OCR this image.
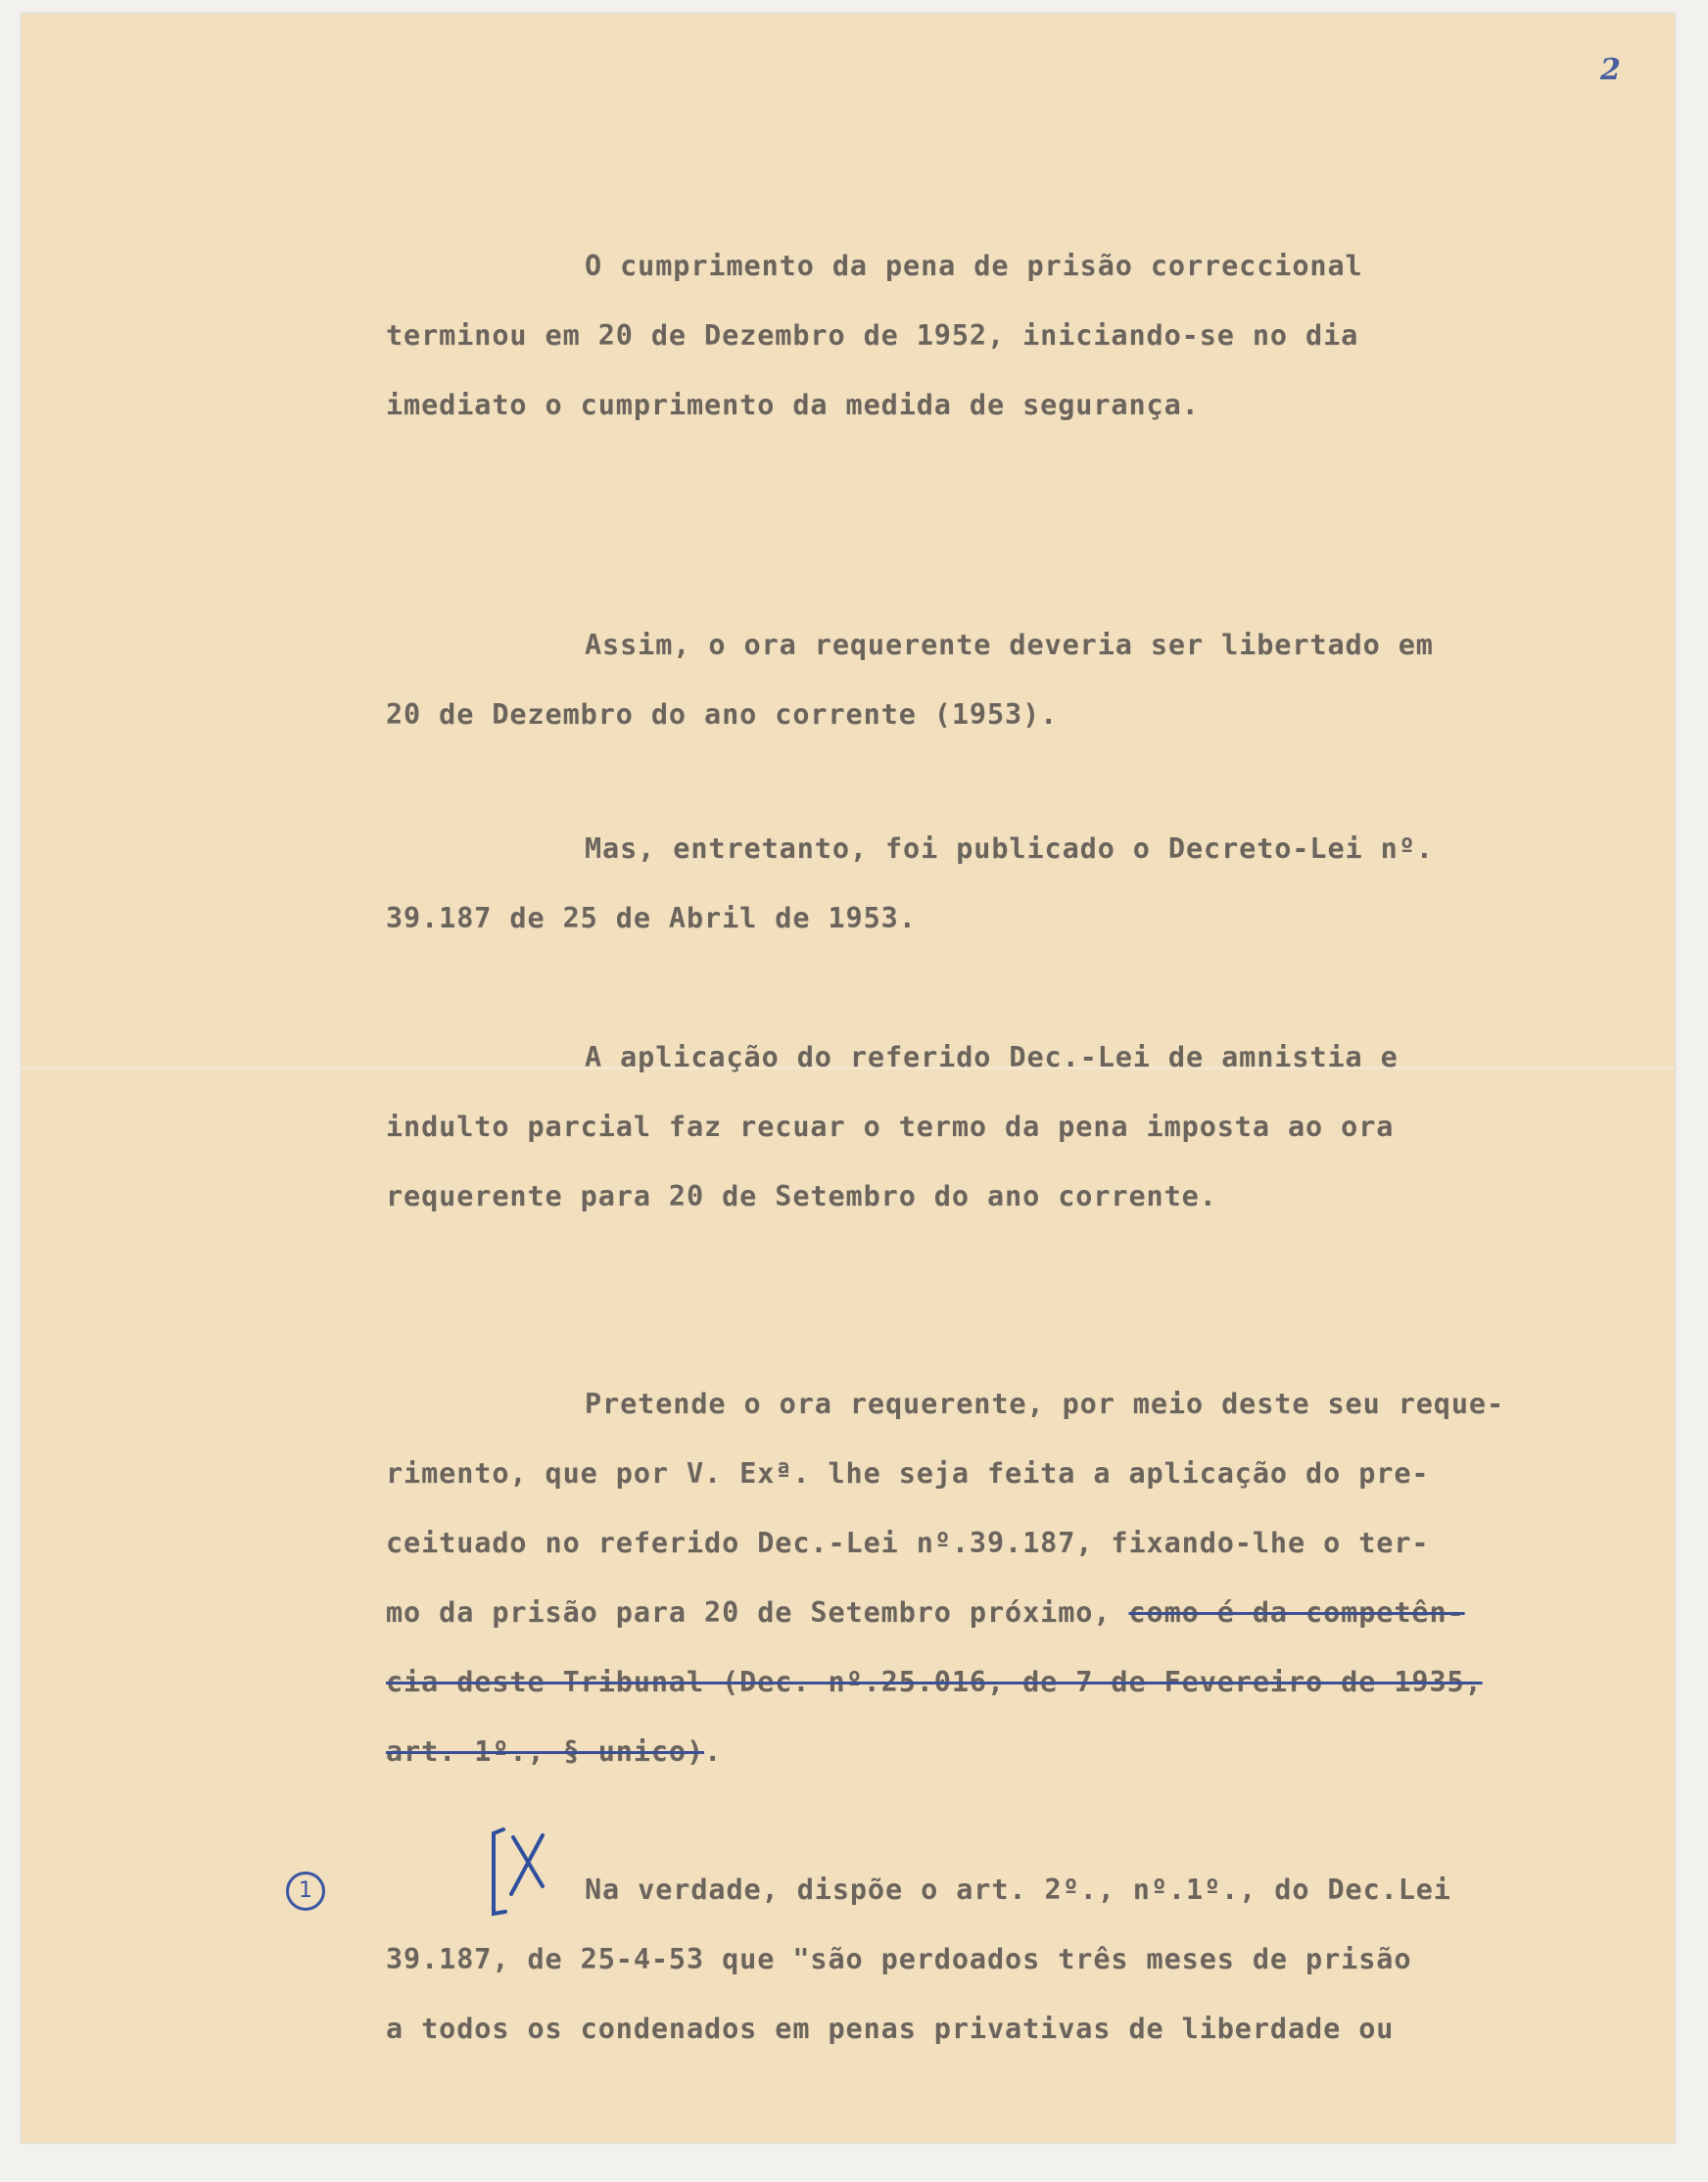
2
O cumprimento da pena de prisão correccional
terminou em 20 de Dezembro de 1952, iniciando-se no dia
imediato o cumprimento da medida de segurança.
Assim, o ora requerente deveria ser libertado em
20 de Dezembro do ano corrente (1953).
Mas, entretanto, foi publicado o Decreto-Lei nº.
39.187 de 25 de Abril de 1953.
A aplicação do referido Dec.-Lei de amnistia e
indulto parcial faz recuar o termo da pena imposta ao ora
requerente para 20 de Setembro do ano corrente.
Pretende o ora requerente, por meio deste seu reque-
rimento, que por V. Exª. lhe seja feita a aplicação do pre-
ceituado no referido Dec.-Lei nº.39.187, fixando-lhe o ter-
mo da prisão para 20 de Setembro próximo, como é da competên-
cia deste Tribunal (Dec. nº.25.016, de 7 de Fevereiro de 1935,
art. 1º., § unico).
1	Na verdade, dispõe o art. 2º., nº.1º., do Dec.Lei
39.187, de 25-4-53 que "são perdoados três meses de prisão
a todos os condenados em penas privativas de liberdade ou
